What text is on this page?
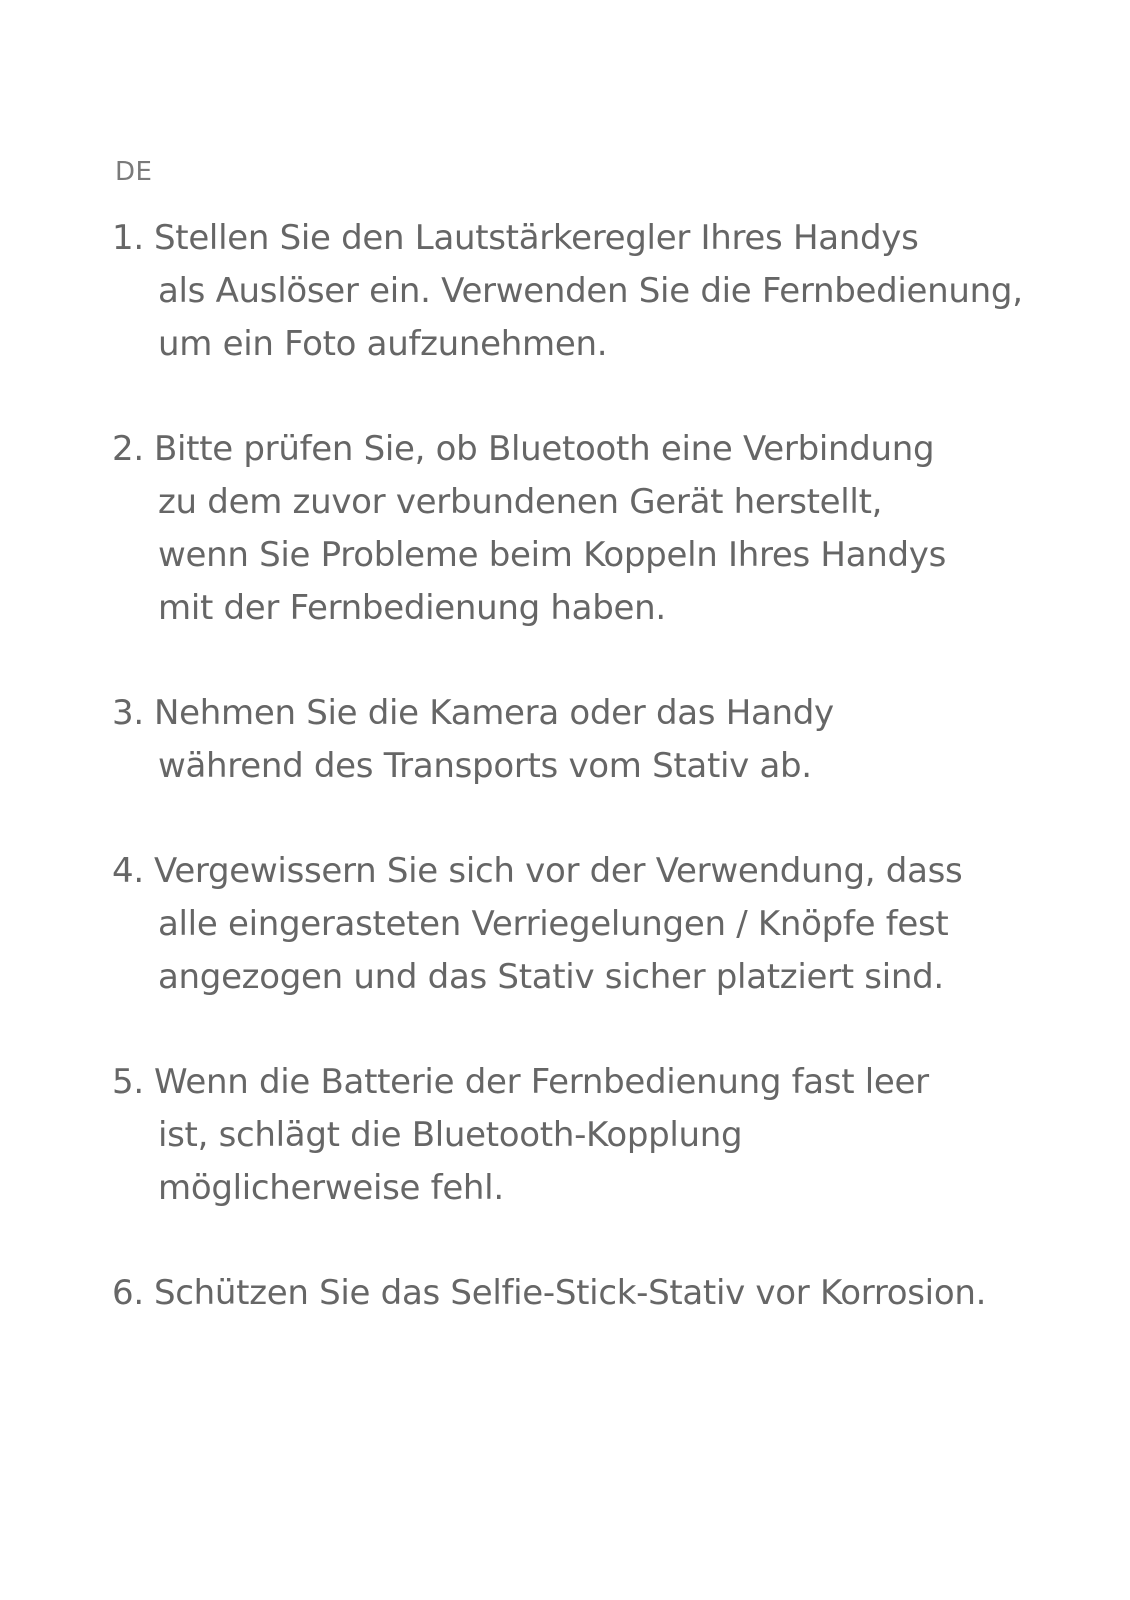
DE
1. Stellen Sie den Lautstärkeregler Ihres Handys
als Auslöser ein. Verwenden Sie die Fernbedienung,
um ein Foto aufzunehmen.

2. Bitte prüfen Sie, ob Bluetooth eine Verbindung
zu dem zuvor verbundenen Gerät herstellt,
wenn Sie Probleme beim Koppeln Ihres Handys
mit der Fernbedienung haben.

3. Nehmen Sie die Kamera oder das Handy
während des Transports vom Stativ ab.

4. Vergewissern Sie sich vor der Verwendung, dass
alle eingerasteten Verriegelungen / Knöpfe fest
angezogen und das Stativ sicher platziert sind.

5. Wenn die Batterie der Fernbedienung fast leer
ist, schlägt die Bluetooth-Kopplung
möglicherweise fehl.

6. Schützen Sie das Selfie-Stick-Stativ vor Korrosion.
